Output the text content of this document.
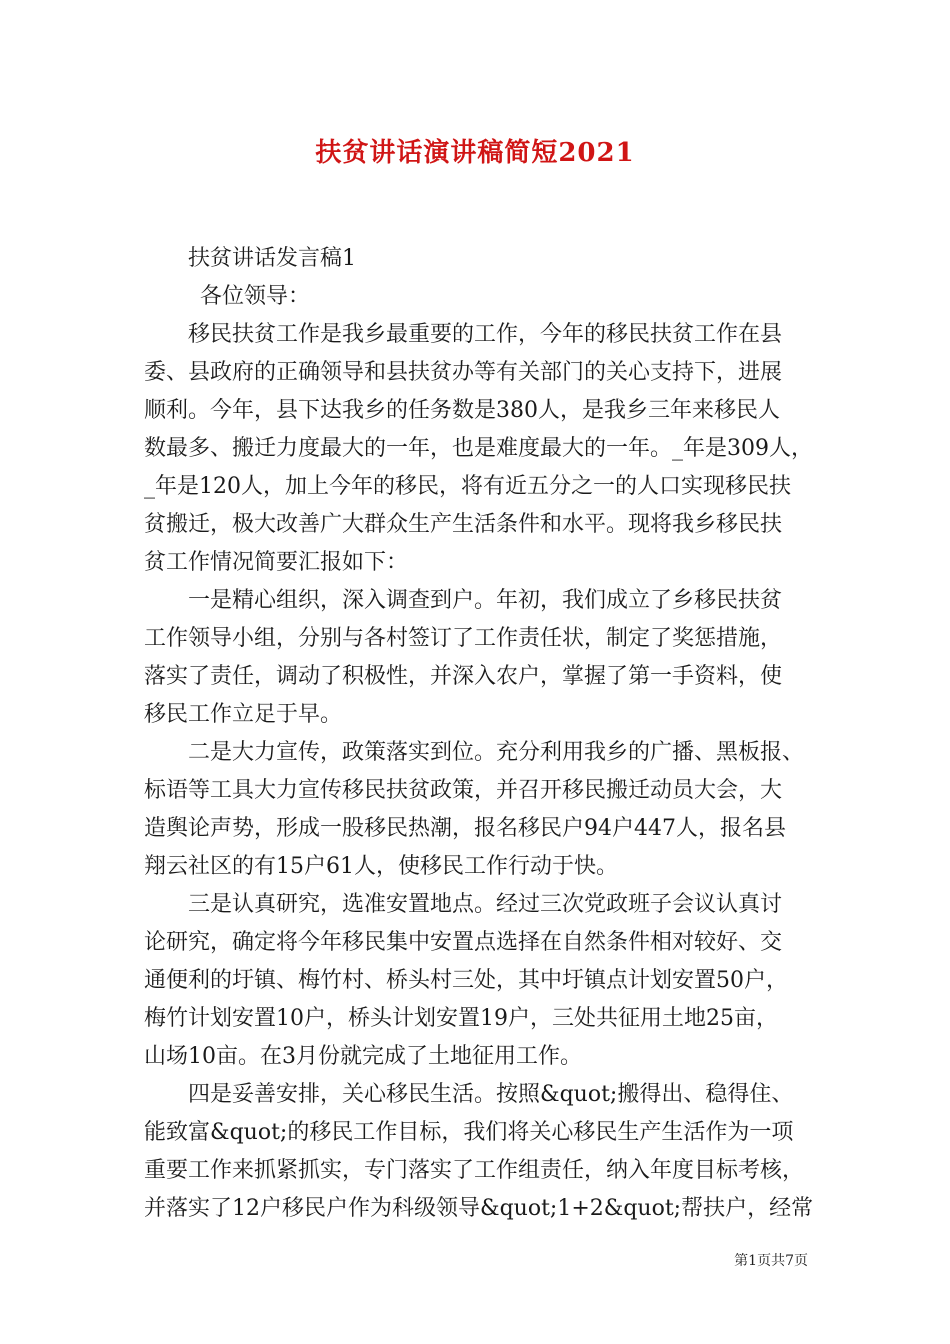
扶贫讲话演讲稿简短2021
扶贫讲话发言稿1
各位领导：
移民扶贫工作是我乡最重要的工作，今年的移民扶贫工作在县
委、县政府的正确领导和县扶贫办等有关部门的关心支持下，进展
顺利。今年，县下达我乡的任务数是380人，是我乡三年来移民人
数最多、搬迁力度最大的一年，也是难度最大的一年。_年是309人，
_年是120人，加上今年的移民，将有近五分之一的人口实现移民扶
贫搬迁，极大改善广大群众生产生活条件和水平。现将我乡移民扶
贫工作情况简要汇报如下：
一是精心组织，深入调查到户。年初，我们成立了乡移民扶贫
工作领导小组，分别与各村签订了工作责任状，制定了奖惩措施，
落实了责任，调动了积极性，并深入农户，掌握了第一手资料，使
移民工作立足于早。
二是大力宣传，政策落实到位。充分利用我乡的广播、黑板报、
标语等工具大力宣传移民扶贫政策，并召开移民搬迁动员大会，大
造舆论声势，形成一股移民热潮，报名移民户94户447人，报名县
翔云社区的有15户61人，使移民工作行动于快。
三是认真研究，选准安置地点。经过三次党政班子会议认真讨
论研究，确定将今年移民集中安置点选择在自然条件相对较好、交
通便利的圩镇、梅竹村、桥头村三处，其中圩镇点计划安置50户，
梅竹计划安置10户，桥头计划安置19户，三处共征用土地25亩，
山场10亩。在3月份就完成了土地征用工作。
四是妥善安排，关心移民生活。按照&quot;搬得出、稳得住、
能致富&quot;的移民工作目标，我们将关心移民生产生活作为一项
重要工作来抓紧抓实，专门落实了工作组责任，纳入年度目标考核，
并落实了12户移民户作为科级领导&quot;1+2&quot;帮扶户，经常
第1页共7页
